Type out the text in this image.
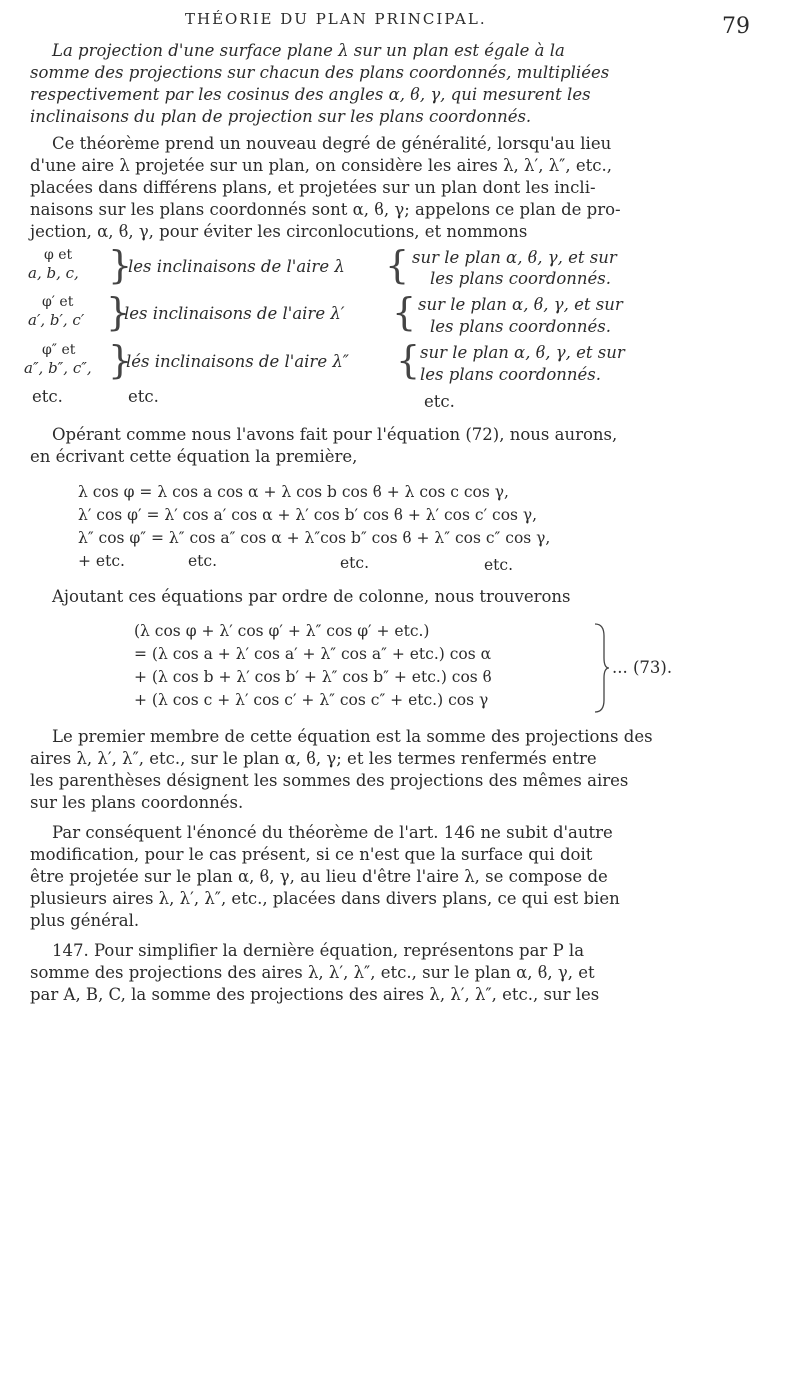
THÉORIE DU PLAN PRINCIPAL.	79
La projection d'une surface plane λ sur un plan est égale à la
somme des projections sur chacun des plans coordonnés, multipliées
respectivement par les cosinus des angles α, ϐ, γ, qui mesurent les
inclinaisons du plan de projection sur les plans coordonnés.
Ce théorème prend un nouveau degré de généralité, lorsqu'au lieu
d'une aire λ projetée sur un plan, on considère les aires λ, λ′, λ″, etc.,
placées dans différens plans, et projetées sur un plan dont les incli-
naisons sur les plans coordonnés sont α, ϐ, γ; appelons ce plan de pro-
jection, α, ϐ, γ, pour éviter les circonlocutions, et nommons
φ et
a, b, c, }
les inclinaisons de l'aire λ { sur le plan α, ϐ, γ, et sur
les plans coordonnés.
φ′ et
a′, b′, c′ }
les inclinaisons de l'aire λ′ { sur le plan α, ϐ, γ, et sur
les plans coordonnés.
φ″ et
a″, b″, c″, }
lés inclinaisons de l'aire λ″ { sur le plan α, ϐ, γ, et sur
les plans coordonnés.
etc.	etc.	etc.
Opérant comme nous l'avons fait pour l'équation (72), nous aurons,
en écrivant cette équation la première,
λ cos φ = λ cos a cos α + λ cos b cos ϐ + λ cos c cos γ,
λ′ cos φ′ = λ′ cos a′ cos α + λ′ cos b′ cos ϐ + λ′ cos c′ cos γ,
λ″ cos φ″ = λ″ cos a″ cos α + λ″cos b″ cos ϐ + λ″ cos c″ cos γ,
+ etc.	etc.	etc.	etc.
Ajoutant ces équations par ordre de colonne, nous trouverons
(λ cos φ + λ′ cos φ′ + λ″ cos φ′ + etc.)
= (λ cos a + λ′ cos a′ + λ″ cos a″ + etc.) cos α
+ (λ cos b + λ′ cos b′ + λ″ cos b″ + etc.) cos ϐ
+ (λ cos c + λ′ cos c′ + λ″ cos c″ + etc.) cos γ
... (73).
Le premier membre de cette équation est la somme des projections des
aires λ, λ′, λ″, etc., sur le plan α, ϐ, γ; et les termes renfermés entre
les parenthèses désignent les sommes des projections des mêmes aires
sur les plans coordonnés.
Par conséquent l'énoncé du théorème de l'art. 146 ne subit d'autre
modification, pour le cas présent, si ce n'est que la surface qui doit
être projetée sur le plan α, ϐ, γ, au lieu d'être l'aire λ, se compose de
plusieurs aires λ, λ′, λ″, etc., placées dans divers plans, ce qui est bien
plus général.
147. Pour simplifier la dernière équation, représentons par P la
somme des projections des aires λ, λ′, λ″, etc., sur le plan α, ϐ, γ, et
par A, B, C, la somme des projections des aires λ, λ′, λ″, etc., sur les
